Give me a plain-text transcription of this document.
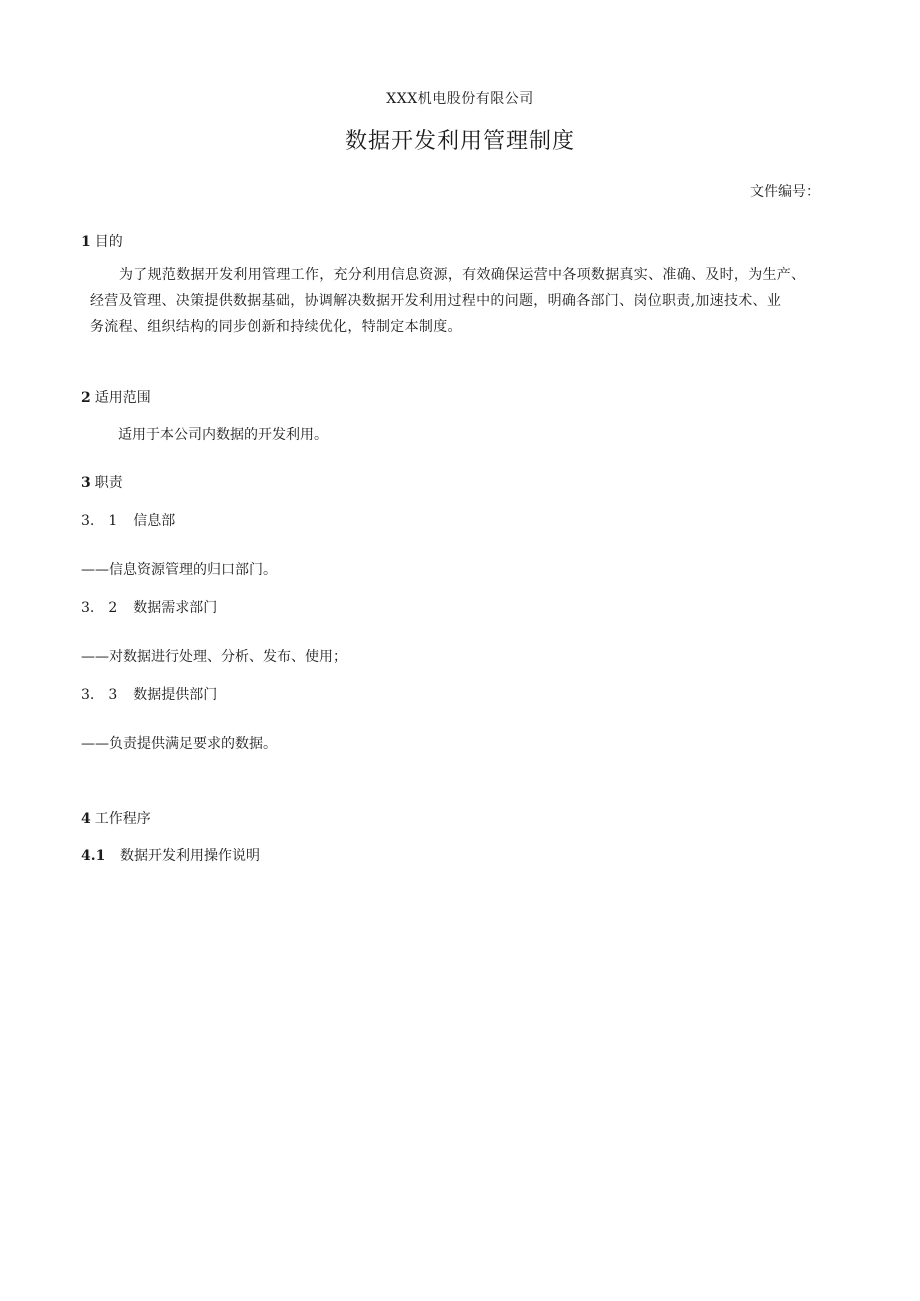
XXX机电股份有限公司
数据开发利用管理制度
文件编号：
1 目的
为了规范数据开发利用管理工作，充分利用信息资源，有效确保运营中各项数据真实、准确、及时，为生产、
经营及管理、决策提供数据基础，协调解决数据开发利用过程中的问题，明确各部门、岗位职责,加速技术、业
务流程、组织结构的同步创新和持续优化，特制定本制度。
2 适用范围
适用于本公司内数据的开发利用。
3 职责
3.　1 信息部
——信息资源管理的归口部门。
3.　2 数据需求部门
——对数据进行处理、分析、发布、使用；
3.　3 数据提供部门
——负责提供满足要求的数据。
4 工作程序
4.1 数据开发利用操作说明
